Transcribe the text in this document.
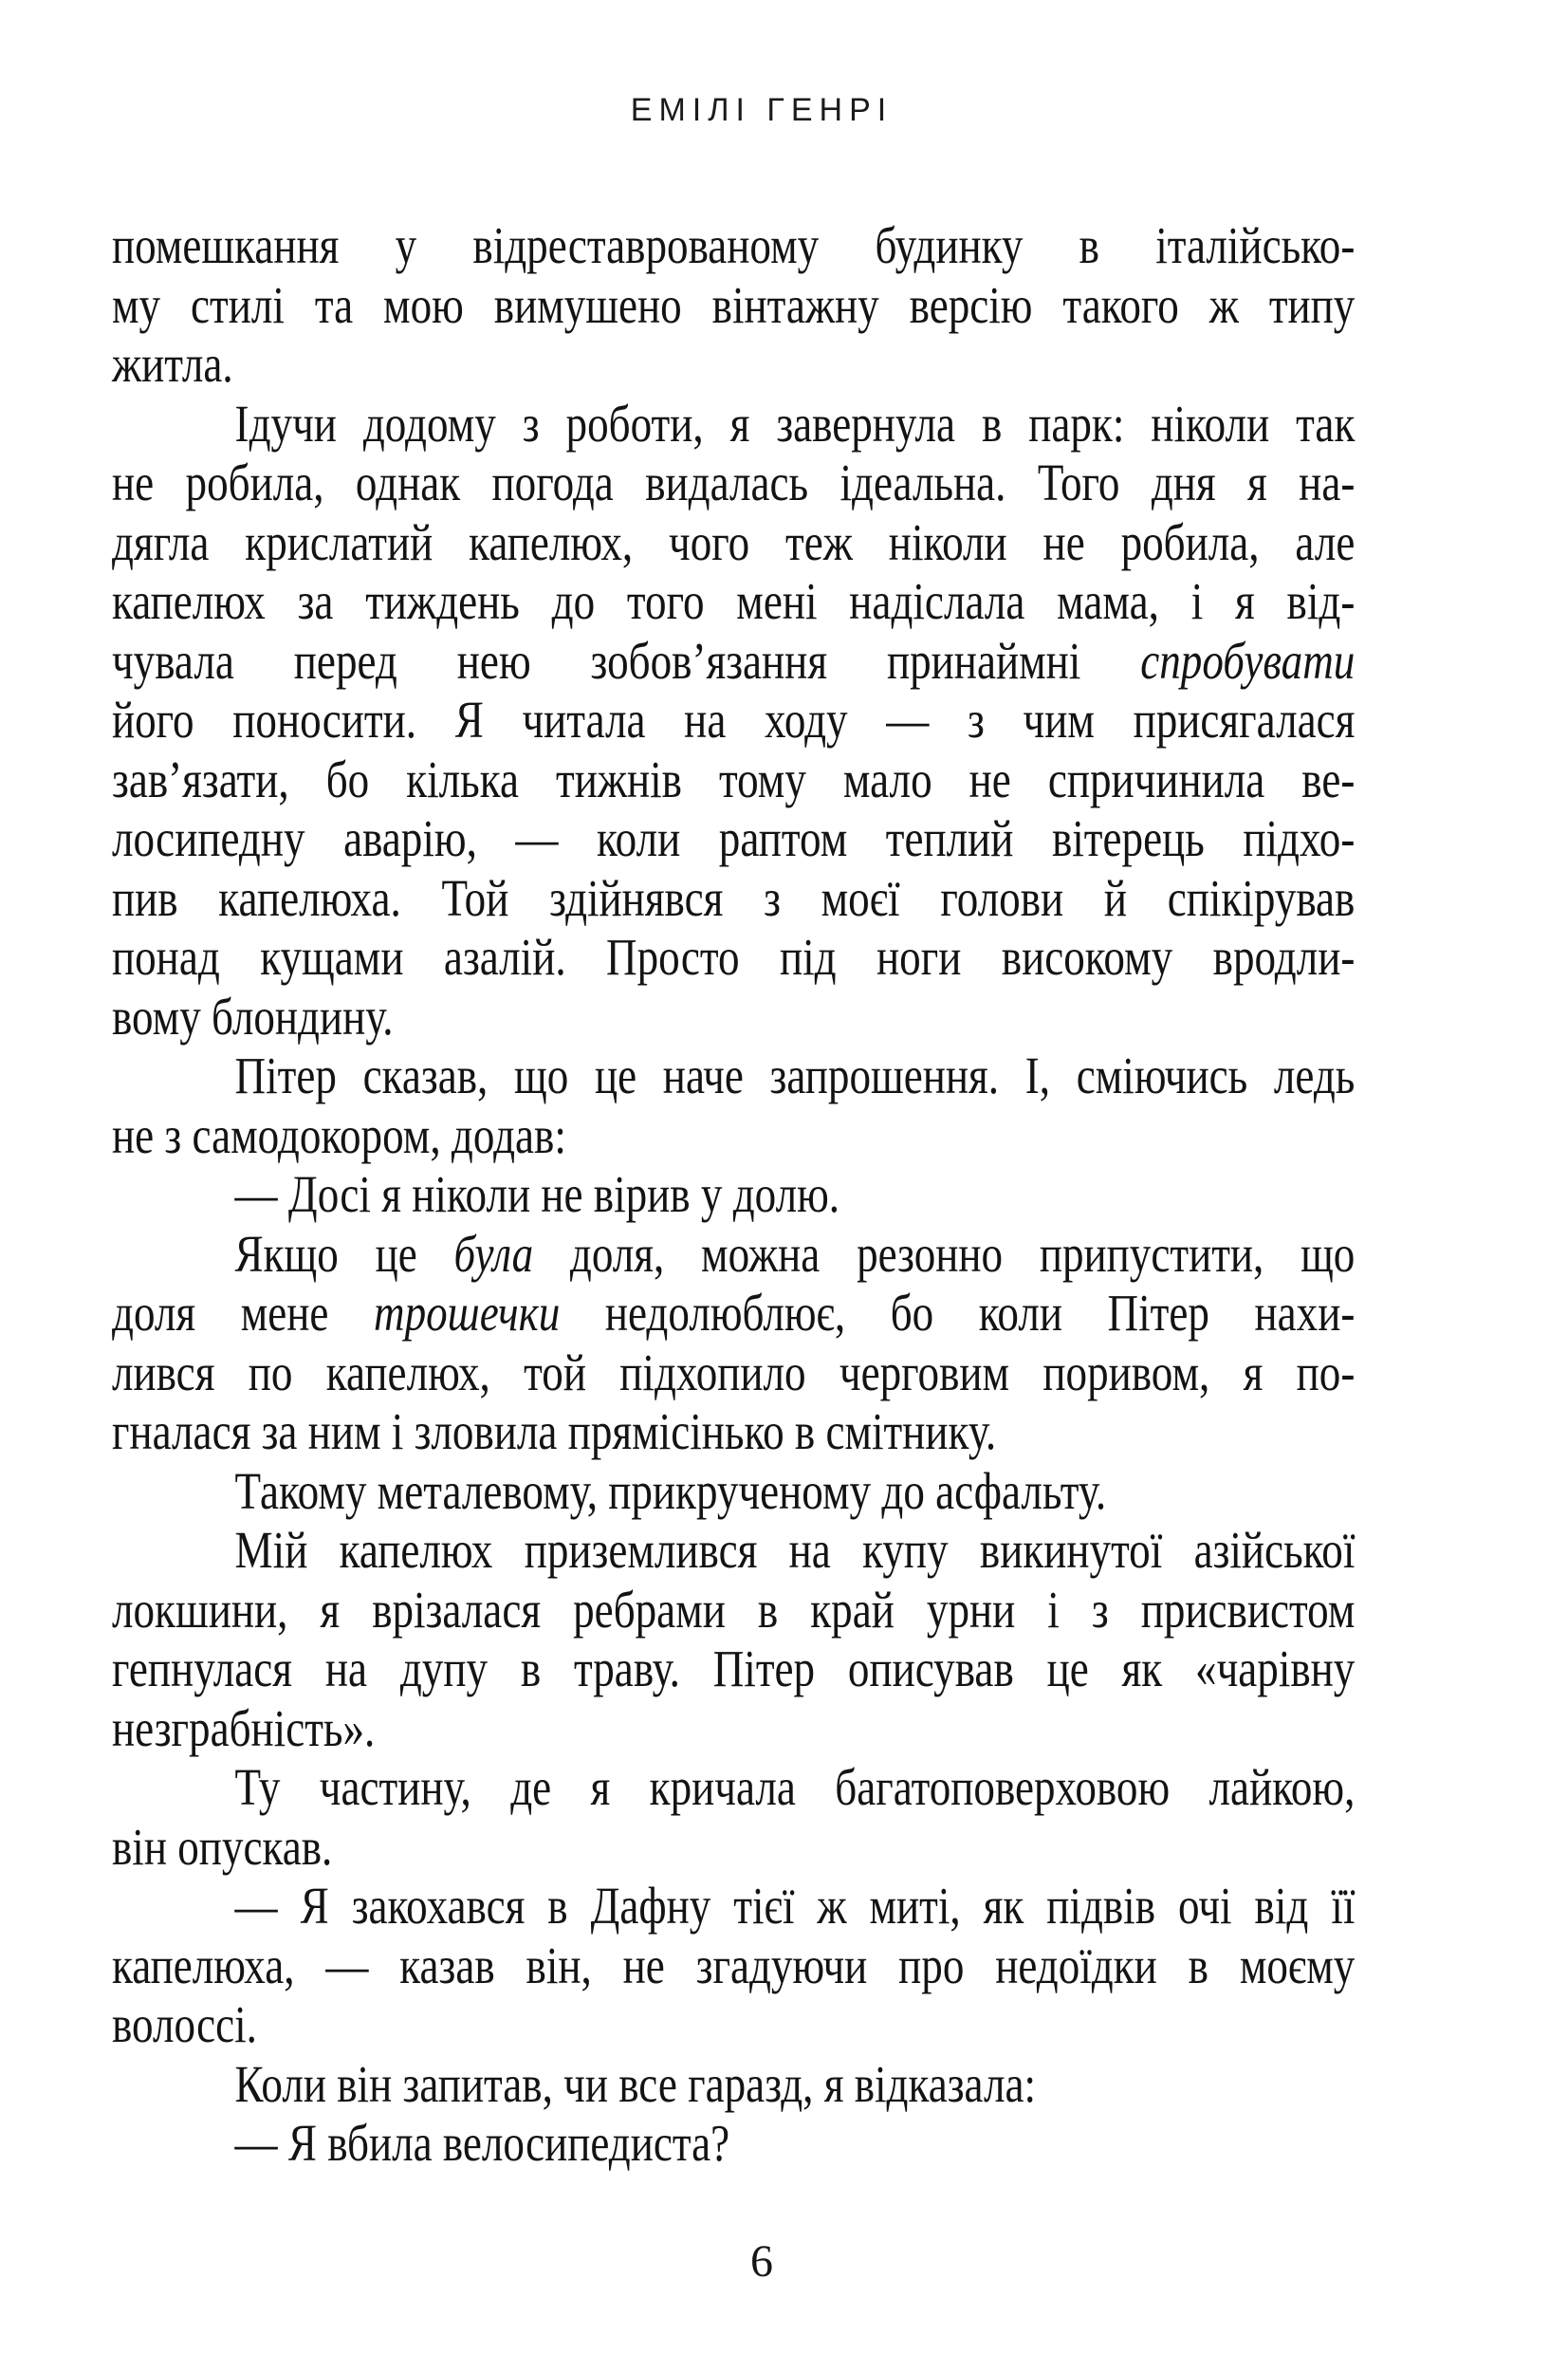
ЕМІЛІ ГЕНРІ
помешкання у відреставрованому будинку в італійсько-
му стилі та мою вимушено вінтажну версію такого ж типу
житла.
Ідучи додому з роботи, я завернула в парк: ніколи так
не робила, однак погода видалась ідеальна. Того дня я на-
дягла крислатий капелюх, чого теж ніколи не робила, але
капелюх за тиждень до того мені надіслала мама, і я від-
чувала перед нею зобов’язання принаймні спробувати
його поносити. Я читала на ходу — з чим присягалася
зав’язати, бо кілька тижнів тому мало не спричинила ве-
лосипедну аварію, — коли раптом теплий вітерець підхо-
пив капелюха. Той здійнявся з моєї голови й спікірував
понад кущами азалій. Просто під ноги високому вродли-
вому блондину.
Пітер сказав, що це наче запрошення. І, сміючись ледь
не з самодокором, додав:
— Досі я ніколи не вірив у долю.
Якщо це була доля, можна резонно припустити, що
доля мене трошечки недолюблює, бо коли Пітер нахи-
лився по капелюх, той підхопило черговим поривом, я по-
гналася за ним і зловила прямісінько в смітнику.
Такому металевому, прикрученому до асфальту.
Мій капелюх приземлився на купу викинутої азійської
локшини, я врізалася ребрами в край урни і з присвистом
гепнулася на дупу в траву. Пітер описував це як «чарівну
незграбність».
Ту частину, де я кричала багатоповерховою лайкою,
він опускав.
— Я закохався в Дафну тієї ж миті, як підвів очі від її
капелюха, — казав він, не згадуючи про недоїдки в моєму
волоссі.
Коли він запитав, чи все гаразд, я відказала:
— Я вбила велосипедиста?
6
